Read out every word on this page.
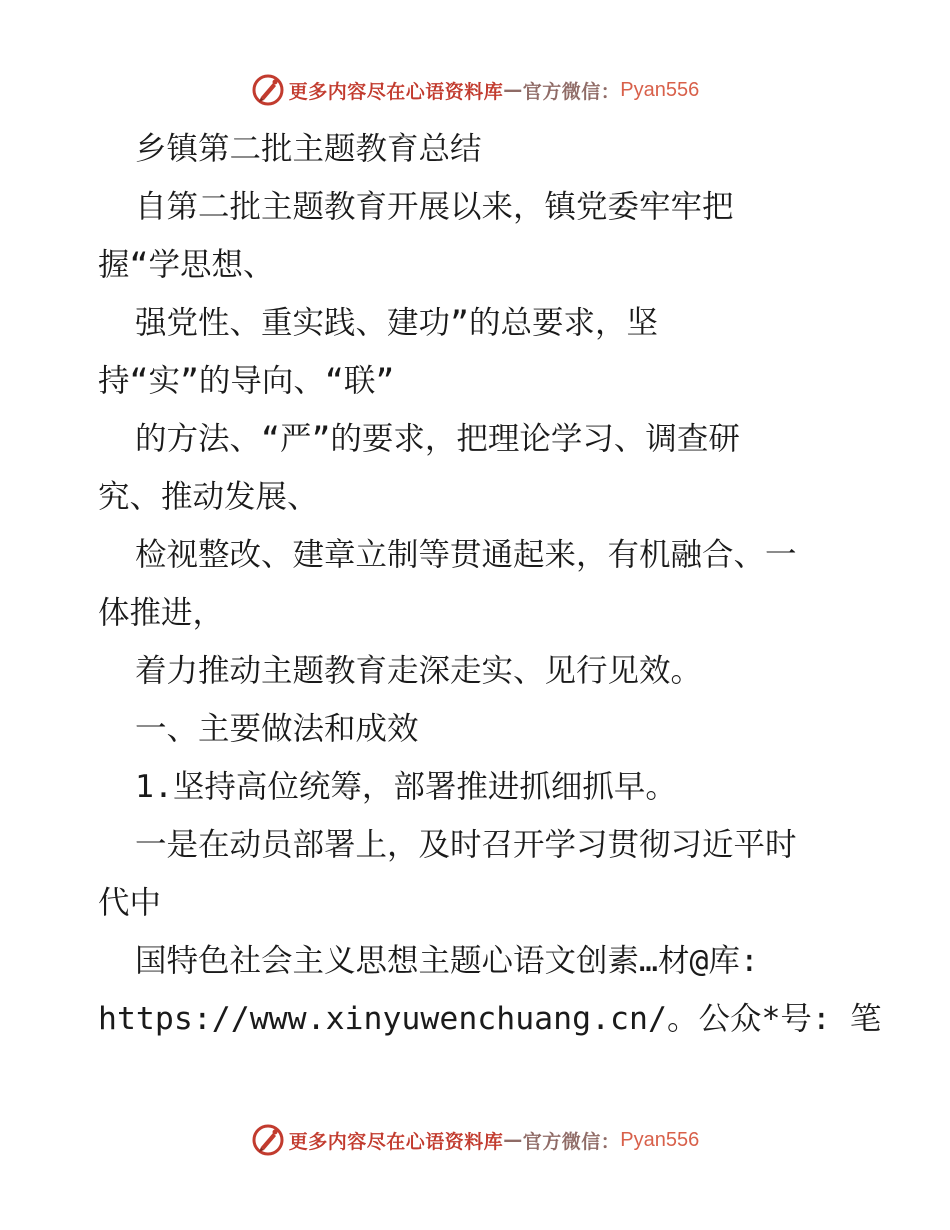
更多内容尽在心语资料库 — 官方微信： Pyan556
乡镇第二批主题教育总结
自第二批主题教育开展以来，镇党委牢牢把
握“学思想、
强党性、重实践、建功”的总要求，坚
持“实”的导向、“联”
的方法、“严”的要求，把理论学习、调查研
究、推动发展、
检视整改、建章立制等贯通起来，有机融合、一
体推进，
着力推动主题教育走深走实、见行见效。
一、主要做法和成效
1.坚持高位统筹，部署推进抓细抓早。
一是在动员部署上，及时召开学习贯彻习近平时
代中
国特色社会主义思想主题心语文创素…材@库:
https://www.xinyuwenchuang.cn/。公众*号: 笔
更多内容尽在心语资料库 — 官方微信： Pyan556
